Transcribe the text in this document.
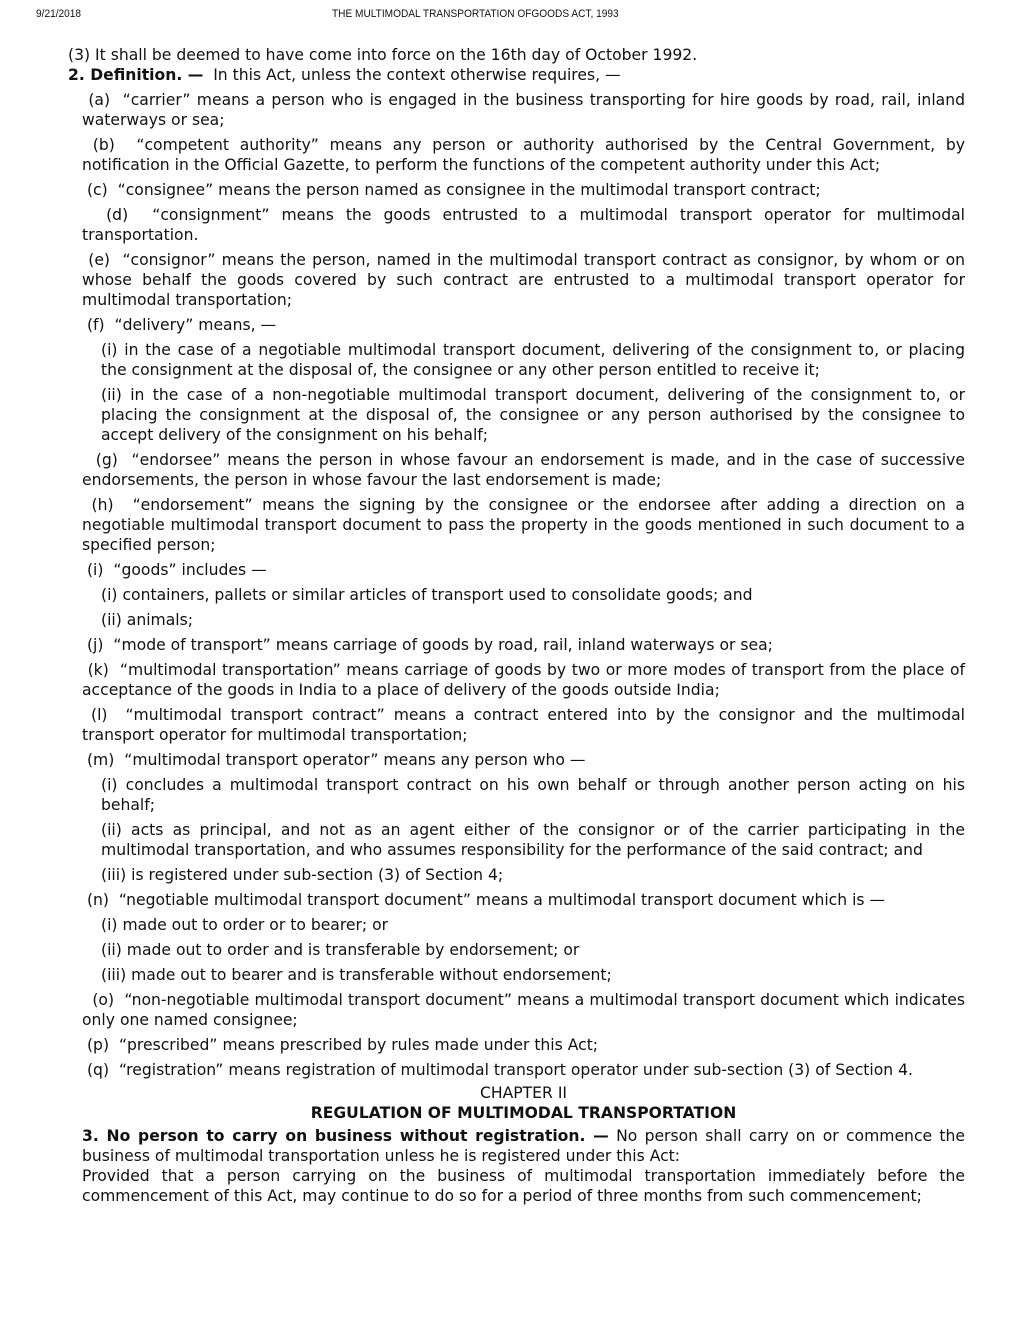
9/21/2018	THE MULTIMODAL TRANSPORTATION OFGOODS ACT, 1993
(3) It shall be deemed to have come into force on the 16th day of October 1992.
2. Definition. —  In this Act, unless the context otherwise requires, —
(a)  “carrier” means a person who is engaged in the business transporting for hire goods by road, rail, inland waterways or sea;
(b)  “competent authority” means any person or authority authorised by the Central Government, by notification in the Official Gazette, to perform the functions of the competent authority under this Act;
(c)  “consignee” means the person named as consignee in the multimodal transport contract;
(d)  “consignment” means the goods entrusted to a multimodal transport operator for multimodal transportation.
(e)  “consignor” means the person, named in the multimodal transport contract as consignor, by whom or on whose behalf the goods covered by such contract are entrusted to a multimodal transport operator for multimodal transportation;
(f)  “delivery” means, —
(i) in the case of a negotiable multimodal transport document, delivering of the consignment to, or placing the consignment at the disposal of, the consignee or any other person entitled to receive it;
(ii) in the case of a non-negotiable multimodal transport document, delivering of the consignment to, or placing the consignment at the disposal of, the consignee or any person authorised by the consignee to accept delivery of the consignment on his behalf;
(g)  “endorsee” means the person in whose favour an endorsement is made, and in the case of successive endorsements, the person in whose favour the last endorsement is made;
(h)  “endorsement” means the signing by the consignee or the endorsee after adding a direction on a negotiable multimodal transport document to pass the property in the goods mentioned in such document to a specified person;
(i)  “goods” includes —
(i) containers, pallets or similar articles of transport used to consolidate goods; and
(ii) animals;
(j)  “mode of transport” means carriage of goods by road, rail, inland waterways or sea;
(k)  “multimodal transportation” means carriage of goods by two or more modes of transport from the place of acceptance of the goods in India to a place of delivery of the goods outside India;
(l)  “multimodal transport contract” means a contract entered into by the consignor and the multimodal transport operator for multimodal transportation;
(m)  “multimodal transport operator” means any person who —
(i) concludes a multimodal transport contract on his own behalf or through another person acting on his behalf;
(ii) acts as principal, and not as an agent either of the consignor or of the carrier participating in the multimodal transportation, and who assumes responsibility for the performance of the said contract; and
(iii) is registered under sub-section (3) of Section 4;
(n)  “negotiable multimodal transport document” means a multimodal transport document which is —
(i) made out to order or to bearer; or
(ii) made out to order and is transferable by endorsement; or
(iii) made out to bearer and is transferable without endorsement;
(o)  “non-negotiable multimodal transport document” means a multimodal transport document which indicates only one named consignee;
(p)  “prescribed” means prescribed by rules made under this Act;
(q)  “registration” means registration of multimodal transport operator under sub-section (3) of Section 4.
CHAPTER II
REGULATION OF MULTIMODAL TRANSPORTATION
3. No person to carry on business without registration. — No person shall carry on or commence the business of multimodal transportation unless he is registered under this Act:
Provided that a person carrying on the business of multimodal transportation immediately before the commencement of this Act, may continue to do so for a period of three months from such commencement;
